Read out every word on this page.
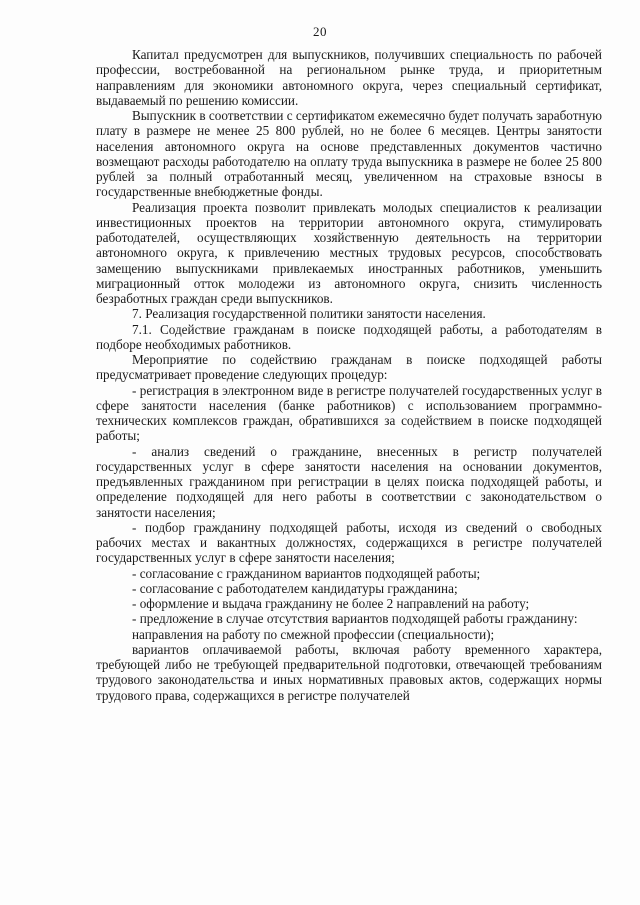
20

Капитал предусмотрен для выпускников, получивших специальность по рабочей профессии, востребованной на региональном рынке труда, и приоритетным направлениям для экономики автономного округа, через специальный сертификат, выдаваемый по решению комиссии.

Выпускник в соответствии с сертификатом ежемесячно будет получать заработную плату в размере не менее 25 800 рублей, но не более 6 месяцев. Центры занятости населения автономного округа на основе представленных документов частично возмещают расходы работодателю на оплату труда выпускника в размере не более 25 800 рублей за полный отработанный месяц, увеличенном на страховые взносы в государственные внебюджетные фонды.

Реализация проекта позволит привлекать молодых специалистов к реализации инвестиционных проектов на территории автономного округа, стимулировать работодателей, осуществляющих хозяйственную деятельность на территории автономного округа, к привлечению местных трудовых ресурсов, способствовать замещению выпускниками привлекаемых иностранных работников, уменьшить миграционный отток молодежи из автономного округа, снизить численность безработных граждан среди выпускников.

7. Реализация государственной политики занятости населения.

7.1. Содействие гражданам в поиске подходящей работы, а работодателям в подборе необходимых работников.

Мероприятие по содействию гражданам в поиске подходящей работы предусматривает проведение следующих процедур:

- регистрация в электронном виде в регистре получателей государственных услуг в сфере занятости населения (банке работников) с использованием программно-технических комплексов граждан, обратившихся за содействием в поиске подходящей работы;

- анализ сведений о гражданине, внесенных в регистр получателей государственных услуг в сфере занятости населения на основании документов, предъявленных гражданином при регистрации в целях поиска подходящей работы, и определение подходящей для него работы в соответствии с законодательством о занятости населения;

- подбор гражданину подходящей работы, исходя из сведений о свободных рабочих местах и вакантных должностях, содержащихся в регистре получателей государственных услуг в сфере занятости населения;

- согласование с гражданином вариантов подходящей работы;

- согласование с работодателем кандидатуры гражданина;

- оформление и выдача гражданину не более 2 направлений на работу;

- предложение в случае отсутствия вариантов подходящей работы гражданину:

направления на работу по смежной профессии (специальности);

вариантов оплачиваемой работы, включая работу временного характера, требующей либо не требующей предварительной подготовки, отвечающей требованиям трудового законодательства и иных нормативных правовых актов, содержащих нормы трудового права, содержащихся в регистре получателей
